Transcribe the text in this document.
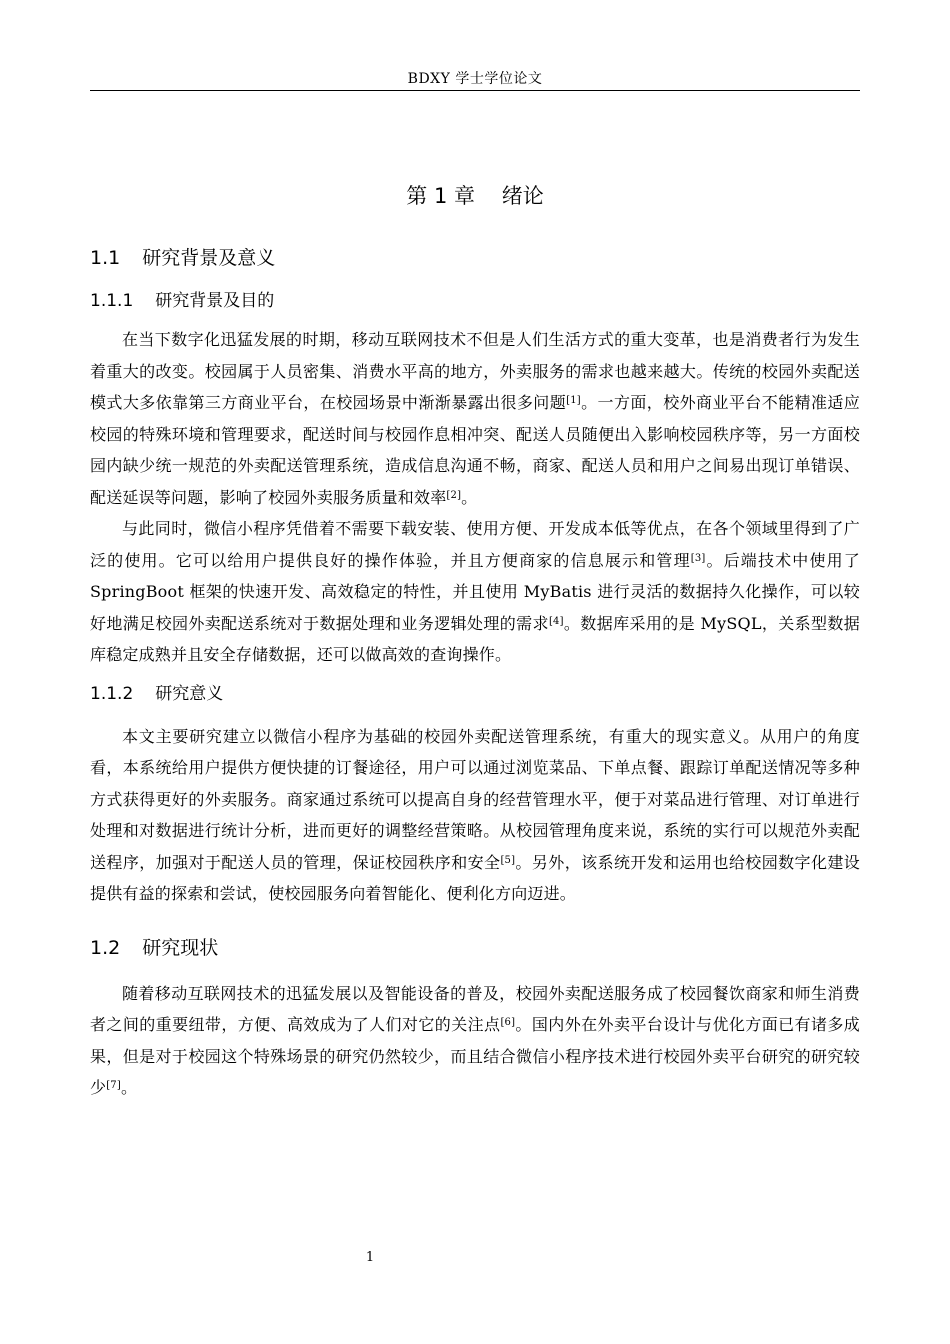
BDXY 学士学位论文
第 1 章    绪论
1.1 研究背景及意义
1.1.1 研究背景及目的

在当下数字化迅猛发展的时期，移动互联网技术不但是人们生活方式的重大变革，也是消费者行为发生着重大的改变。校园属于人员密集、消费水平高的地方，外卖服务的需求也越来越大。传统的校园外卖配送模式大多依靠第三方商业平台，在校园场景中渐渐暴露出很多问题[1]。一方面，校外商业平台不能精准适应校园的特殊环境和管理要求，配送时间与校园作息相冲突、配送人员随便出入影响校园秩序等，另一方面校园内缺少统一规范的外卖配送管理系统，造成信息沟通不畅，商家、配送人员和用户之间易出现订单错误、配送延误等问题，影响了校园外卖服务质量和效率[2]。

与此同时，微信小程序凭借着不需要下载安装、使用方便、开发成本低等优点，在各个领域里得到了广泛的使用。它可以给用户提供良好的操作体验，并且方便商家的信息展示和管理[3]。后端技术中使用了 SpringBoot 框架的快速开发、高效稳定的特性，并且使用 MyBatis 进行灵活的数据持久化操作，可以较好地满足校园外卖配送系统对于数据处理和业务逻辑处理的需求[4]。数据库采用的是 MySQL，关系型数据库稳定成熟并且安全存储数据，还可以做高效的查询操作。

1.1.2 研究意义

本文主要研究建立以微信小程序为基础的校园外卖配送管理系统，有重大的现实意义。从用户的角度看，本系统给用户提供方便快捷的订餐途径，用户可以通过浏览菜品、下单点餐、跟踪订单配送情况等多种方式获得更好的外卖服务。商家通过系统可以提高自身的经营管理水平，便于对菜品进行管理、对订单进行处理和对数据进行统计分析，进而更好的调整经营策略。从校园管理角度来说，系统的实行可以规范外卖配送程序，加强对于配送人员的管理，保证校园秩序和安全[5]。另外，该系统开发和运用也给校园数字化建设提供有益的探索和尝试，使校园服务向着智能化、便利化方向迈进。

1.2 研究现状

随着移动互联网技术的迅猛发展以及智能设备的普及，校园外卖配送服务成了校园餐饮商家和师生消费者之间的重要纽带，方便、高效成为了人们对它的关注点[6]。国内外在外卖平台设计与优化方面已有诸多成果，但是对于校园这个特殊场景的研究仍然较少，而且结合微信小程序技术进行校园外卖平台研究的研究较少[7]。

1
